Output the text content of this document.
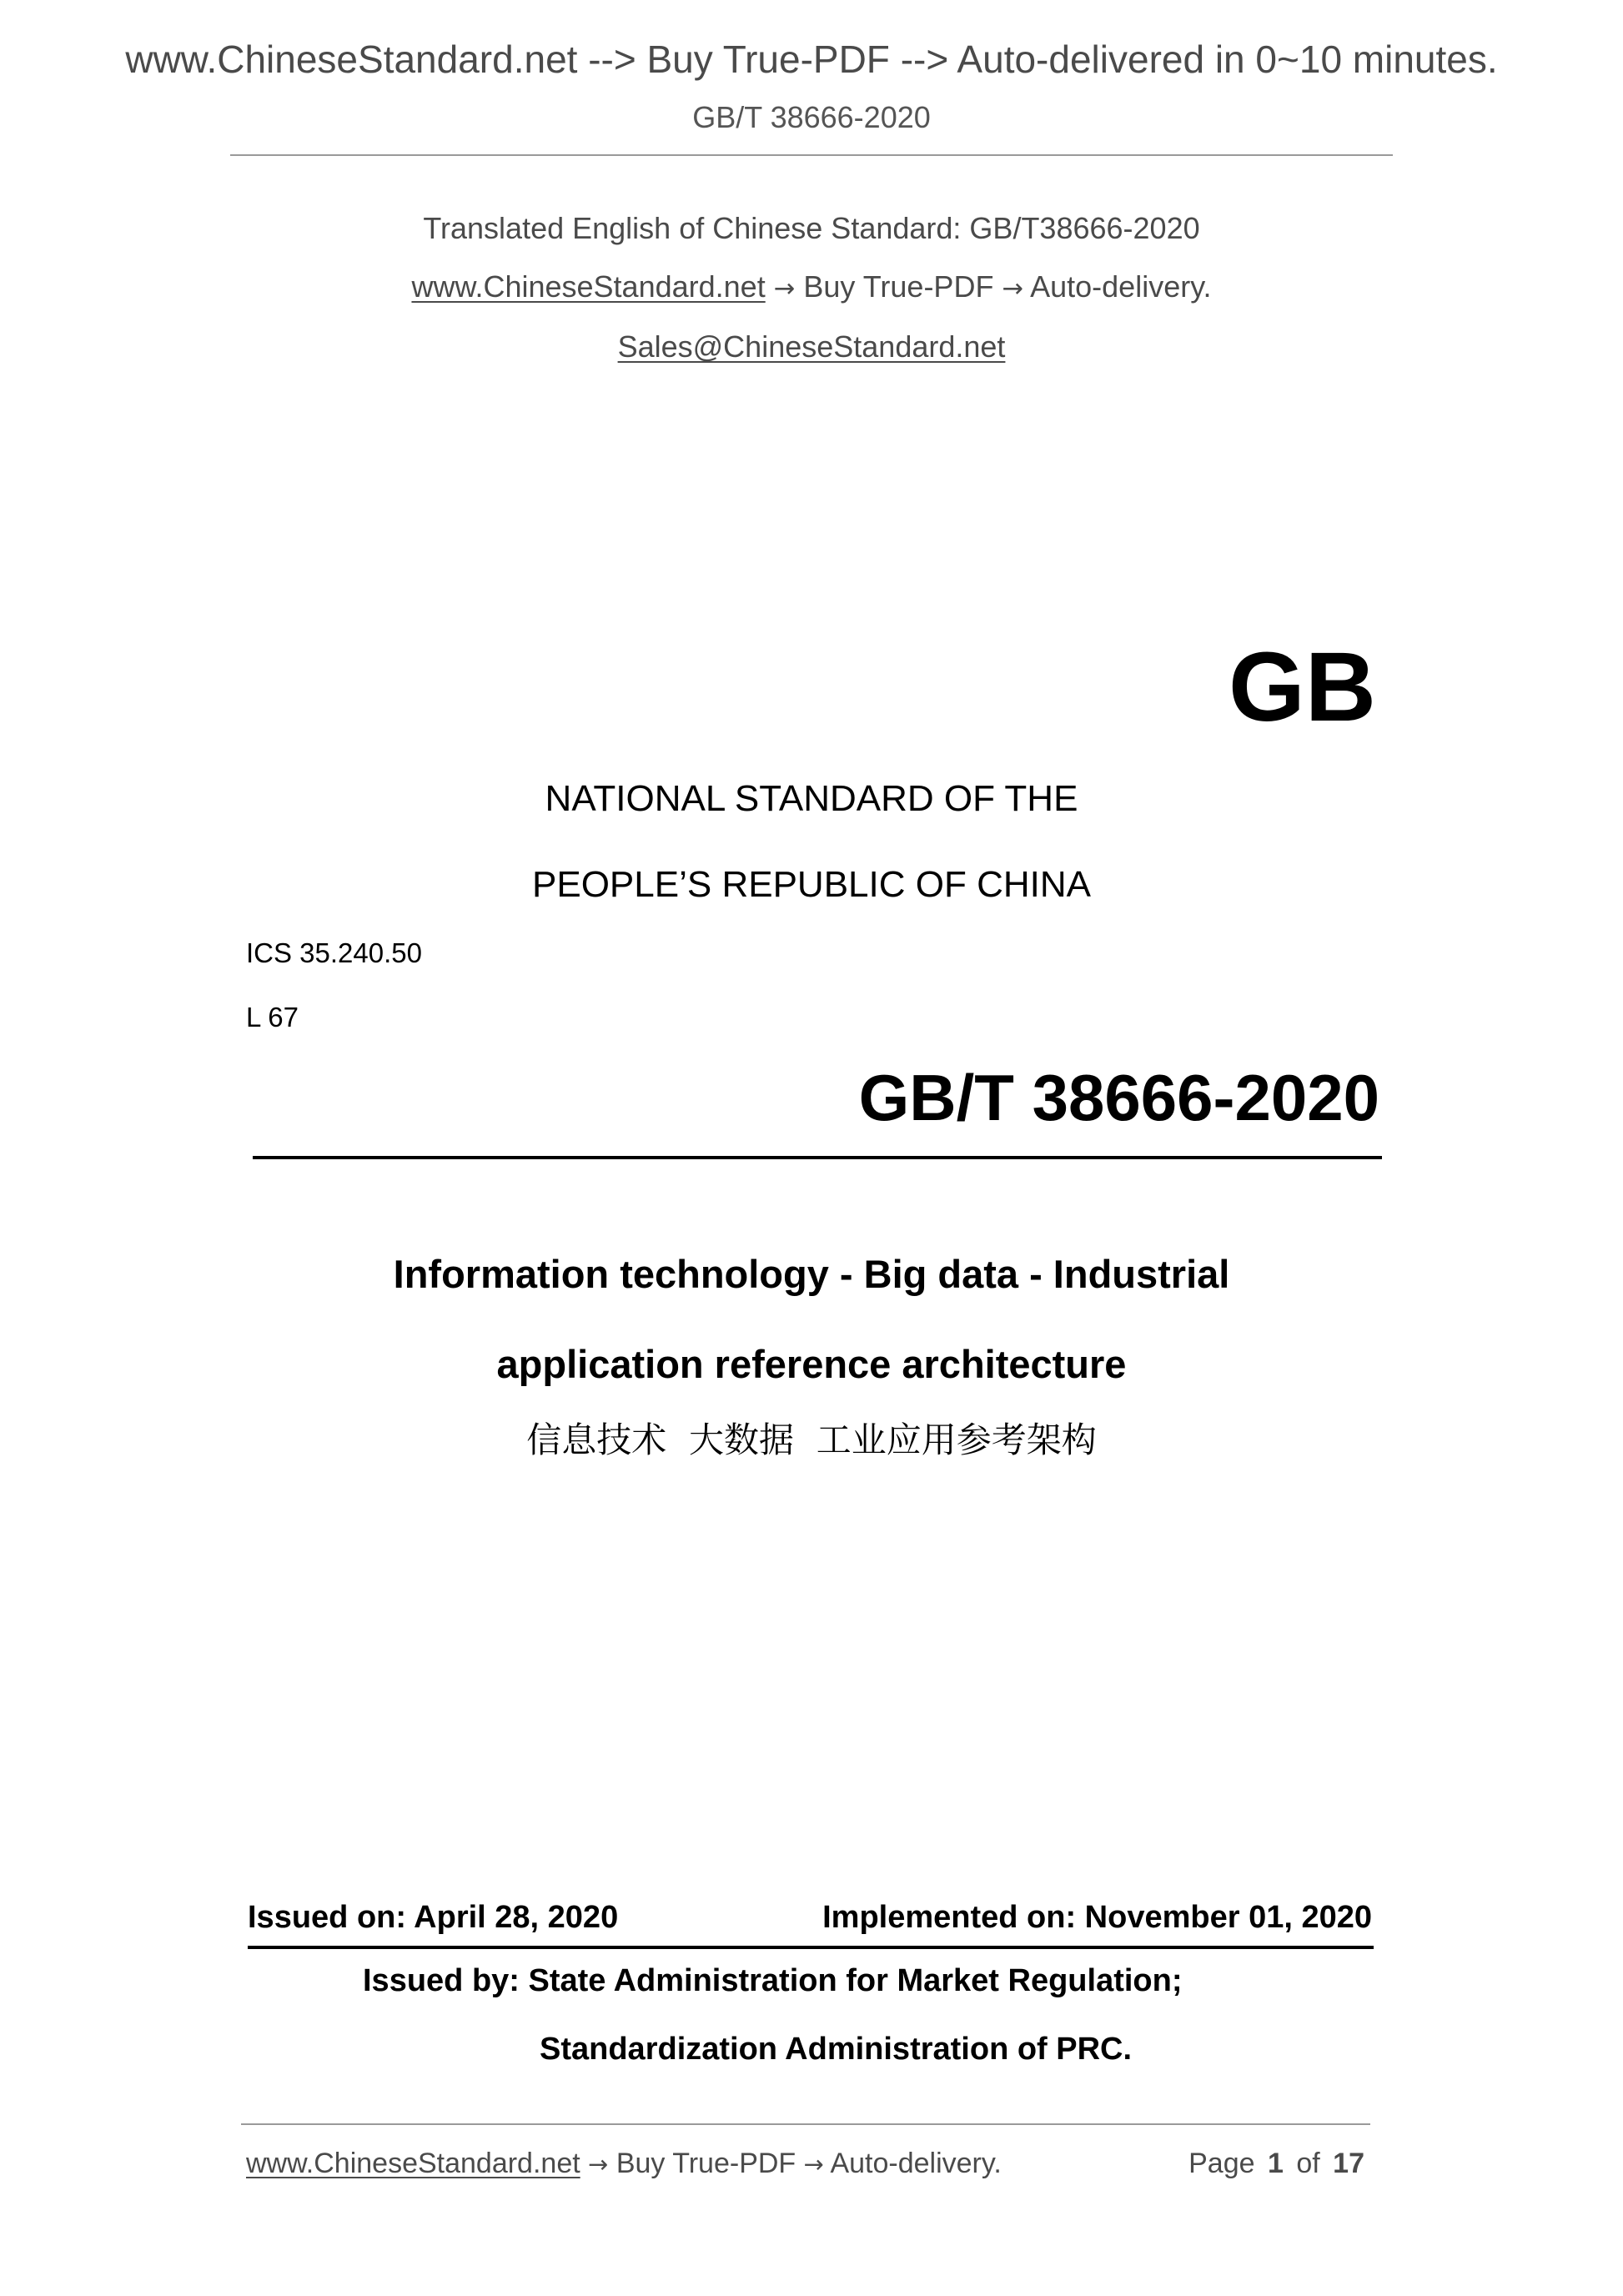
www.ChineseStandard.net --> Buy True-PDF --> Auto-delivered in 0~10 minutes.
GB/T 38666-2020
Translated English of Chinese Standard: GB/T38666-2020
www.ChineseStandard.net → Buy True-PDF → Auto-delivery.
Sales@ChineseStandard.net
GB
NATIONAL STANDARD OF THE
PEOPLE’S REPUBLIC OF CHINA
ICS 35.240.50
L 67
GB/T 38666-2020
Information technology - Big data - Industrial
application reference architecture
信息技术  大数据  工业应用参考架构
Issued on: April 28, 2020	Implemented on: November 01, 2020
Issued by: State Administration for Market Regulation;
Standardization Administration of PRC.
www.ChineseStandard.net → Buy True-PDF → Auto-delivery.	Page 1 of 17
